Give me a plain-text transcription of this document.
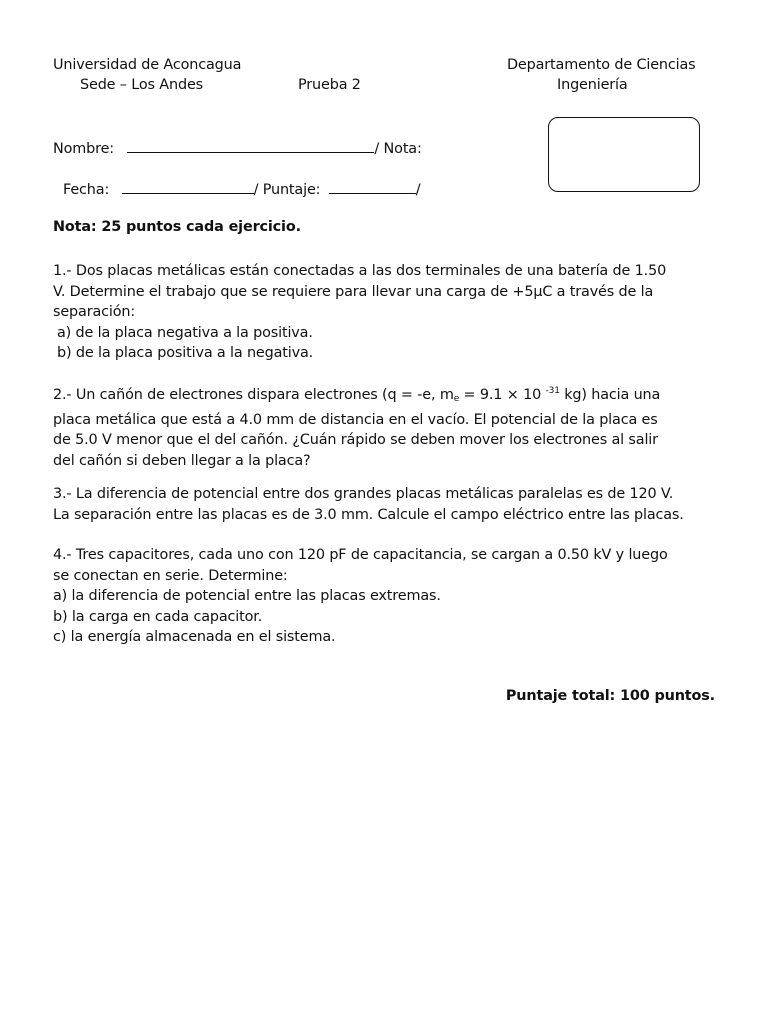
Universidad de Aconcagua
Sede – Los Andes	Prueba 2
Departamento de Ciencias
Ingeniería
Nombre:	/ Nota:
Fecha:	/ Puntaje:	/
Nota: 25 puntos cada ejercicio.
1.- Dos placas metálicas están conectadas a las dos terminales de una batería de 1.50
V. Determine el trabajo que se requiere para llevar una carga de +5µC a través de la
separación:
a) de la placa negativa a la positiva.
b) de la placa positiva a la negativa.
2.- Un cañón de electrones dispara electrones (q = -e, $m_e = 9.1 \times 10$ $^{-31}$ kg) hacia una
placa metálica que está a 4.0 mm de distancia en el vacío. El potencial de la placa es
de 5.0 V menor que el del cañón. ¿Cuán rápido se deben mover los electrones al salir
del cañón si deben llegar a la placa?
3.- La diferencia de potencial entre dos grandes placas metálicas paralelas es de 120 V.
La separación entre las placas es de 3.0 mm. Calcule el campo eléctrico entre las placas.
4.- Tres capacitores, cada uno con 120 pF de capacitancia, se cargan a 0.50 kV y luego
se conectan en serie. Determine:
a) la diferencia de potencial entre las placas extremas.
b) la carga en cada capacitor.
c) la energía almacenada en el sistema.
Puntaje total: 100 puntos.
